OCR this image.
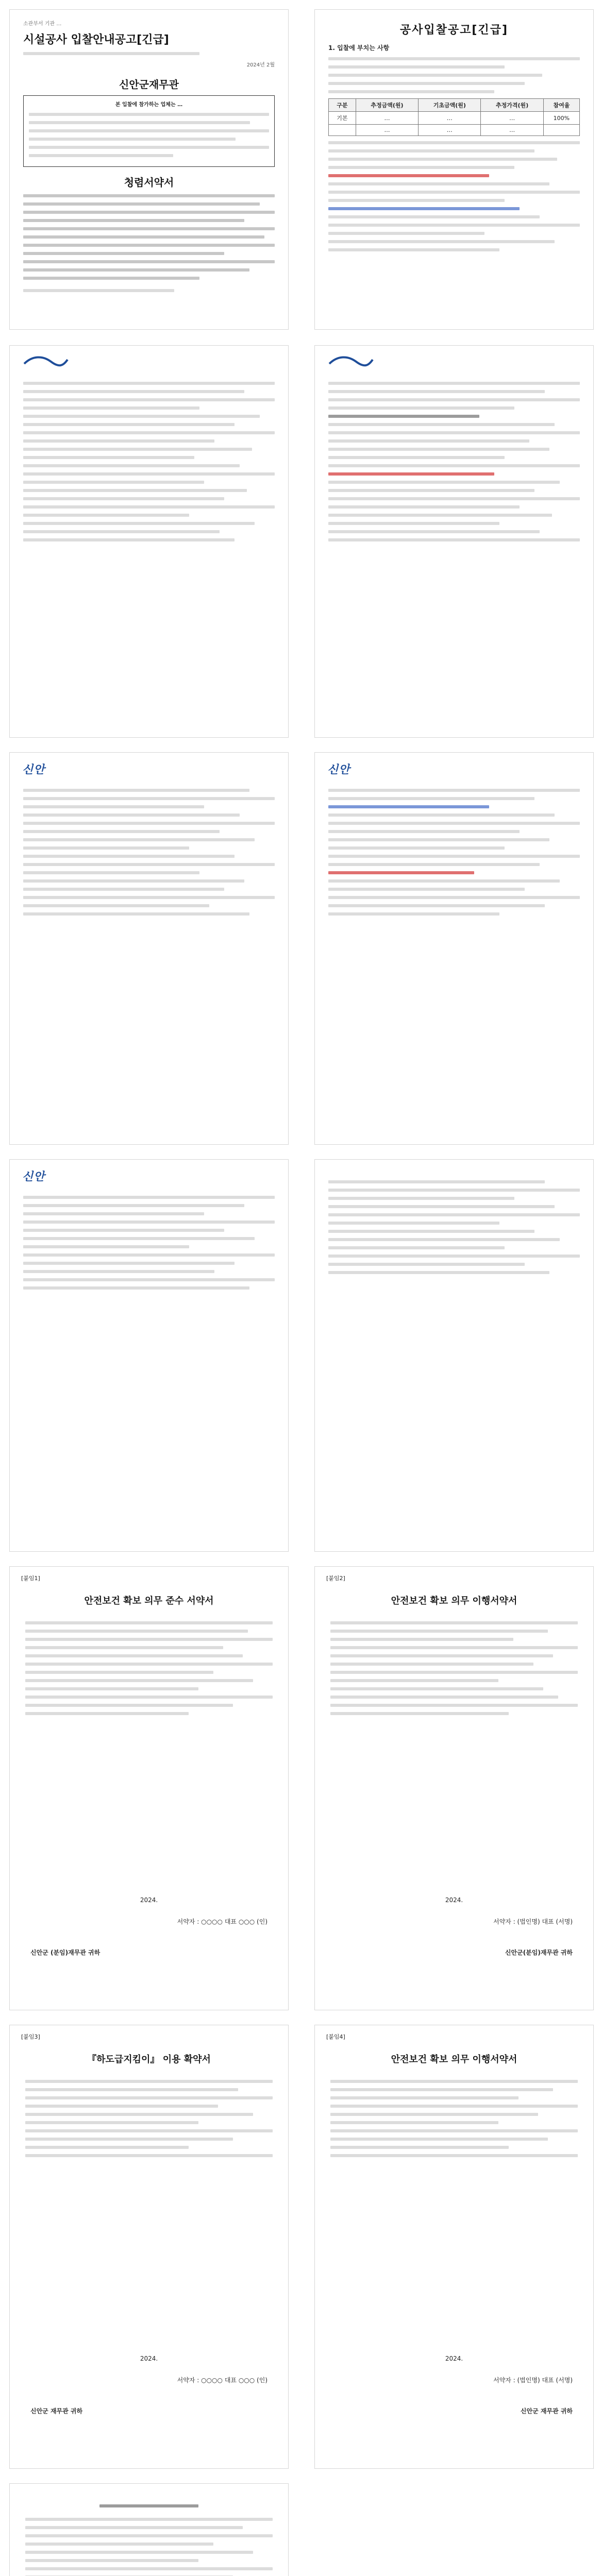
소관부서 기관 …
시설공사 입찰안내공고[긴급]
2024년 2월
신안군재무관
본 입찰에 참가하는 업체는 …
청렴서약서
공사입찰공고[긴급]
1. 입찰에 부치는 사항
구분	추정금액(원)	기초금액(원)	추정가격(원)	참여율
기본	…	…	…	100%
	…	…	…	
신안	신안
신안
[붙임1]
안전보건 확보 의무 준수 서약서
2024.
서약자 : ○○○○ 대표 ○○○ (인)
신안군 (분임)재무관 귀하
[붙임2]
안전보건 확보 의무 이행서약서
2024.
서약자 : (법인명) 대표 (서명)
신안군(분임)재무관 귀하
[붙임3]
『하도급지킴이』 이용 확약서
2024.
서약자 : ○○○○ 대표 ○○○ (인)
신안군 재무관 귀하
[붙임4]
안전보건 확보 의무 이행서약서
2024.
서약자 : (법인명) 대표 (서명)
신안군 재무관 귀하
